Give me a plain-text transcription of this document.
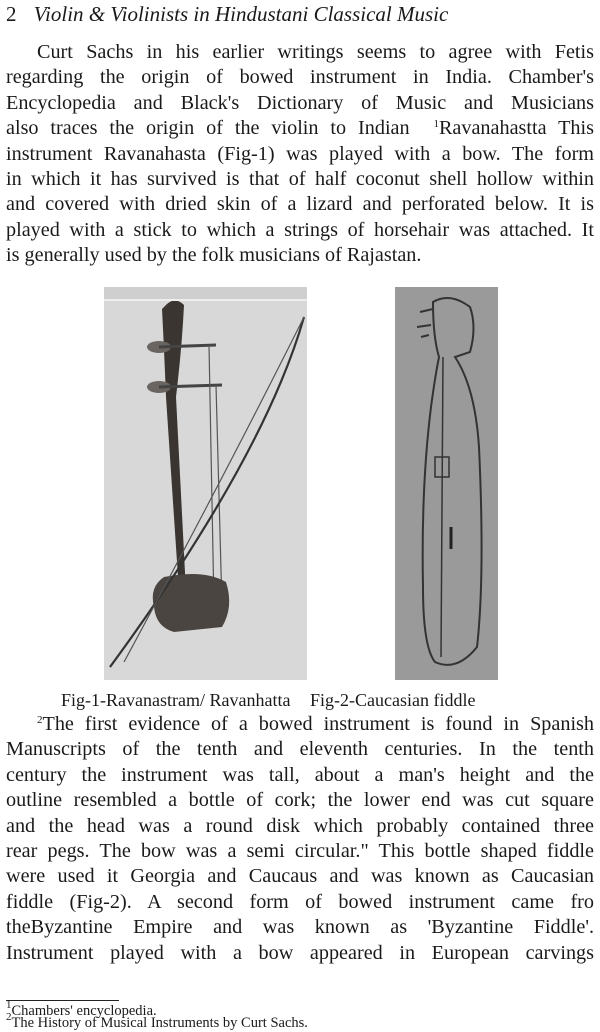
2 Violin & Violinists in Hindustani Classical Music
Curt Sachs in his earlier writings seems to agree with Fetis
regarding the origin of bowed instrument in India. Chamber's
Encyclopedia and Black's Dictionary of Music and Musicians
also traces the origin of the violin to Indian $^1$Ravanahastta This
instrument Ravanahasta (Fig-1) was played with a bow. The form
in which it has survived is that of half coconut shell hollow within
and covered with dried skin of a lizard and perforated below. It is
played with a stick to which a strings of horsehair was attached. It
is generally used by the folk musicians of Rajastan.
Fig-1-Ravanastram/ Ravanhatta Fig-2-Caucasian fiddle
$^2$The first evidence of a bowed instrument is found in Spanish
Manuscripts of the tenth and eleventh centuries. In the tenth
century the instrument was tall, about a man's height and the
outline resembled a bottle of cork; the lower end was cut square
and the head was a round disk which probably contained three
rear pegs. The bow was a semi circular." This bottle shaped fiddle
were used it Georgia and Caucaus and was known as Caucasian
fiddle (Fig-2). A second form of bowed instrument came fro
theByzantine Empire and was known as 'Byzantine Fiddle'.
Instrument played with a bow appeared in European carvings
$^1$Chambers' encyclopedia.
$^2$The History of Musical Instruments by Curt Sachs.
